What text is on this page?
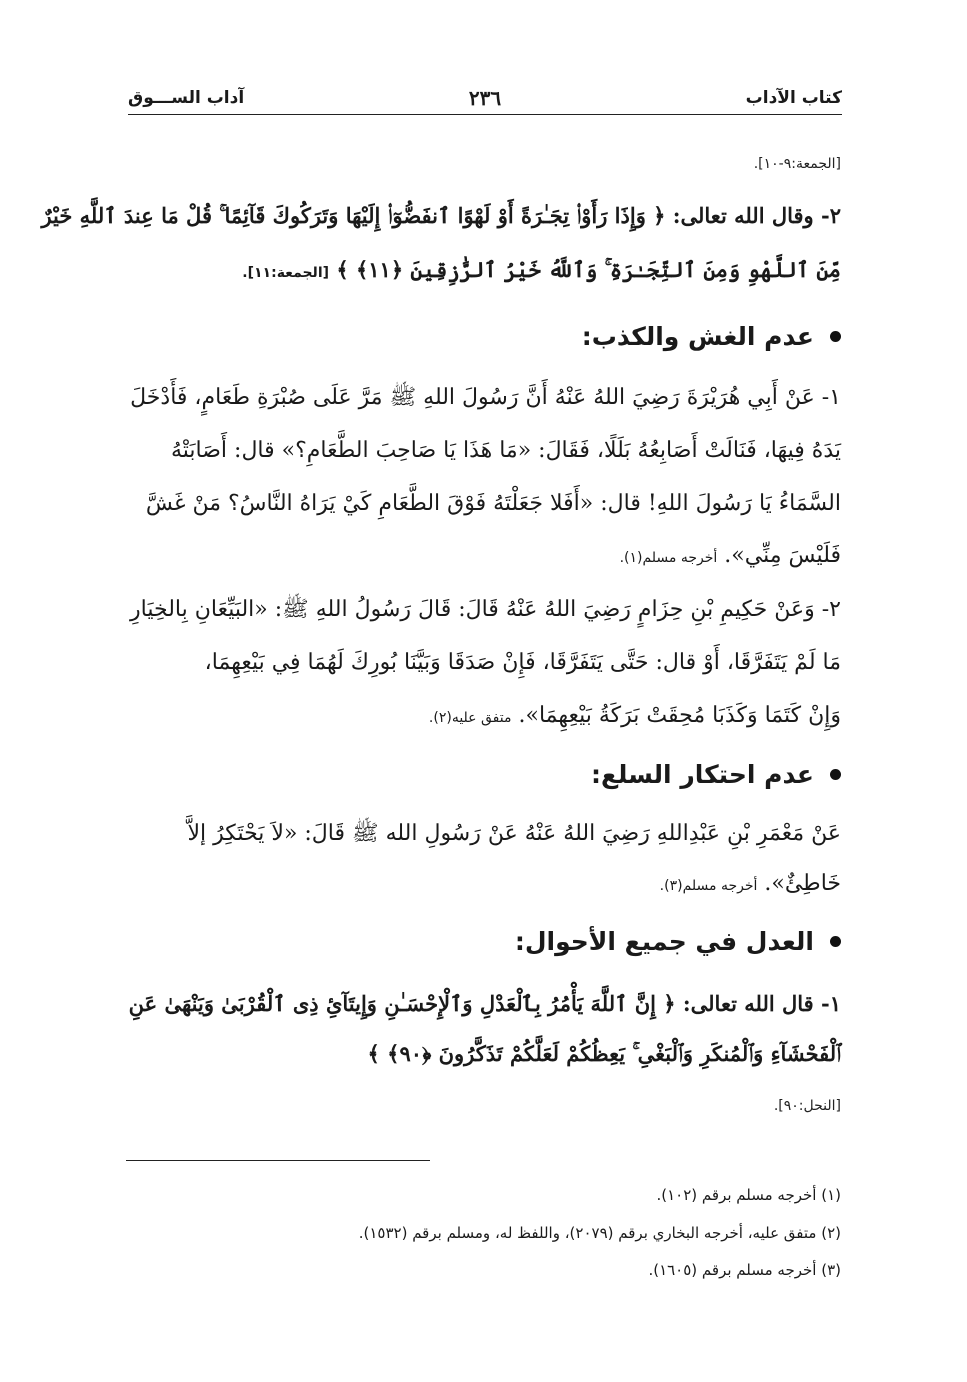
كتاب الآداب
٢٣٦
آداب الســـوق
[الجمعة:٩-١٠].
٢- وقال الله تعالى: ﴿ وَإِذَا رَأَوْا۟ تِجَـٰرَةً أَوْ لَهْوًا ٱنفَضُّوٓا۟ إِلَيْهَا وَتَرَكُوكَ قَآئِمًا ۚ قُلْ مَا عِندَ ٱللَّهِ خَيْرٌ
مِّنَ ٱللَّهْوِ وَمِنَ ٱلتِّجَـٰرَةِ ۚ وَٱللَّهُ خَيْرُ ٱلرَّٰزِقِينَ ﴿١١﴾ ﴾ [الجمعة:١١].
عدم الغش والكذب:
١- عَنْ أَبِي هُرَيْرَةَ رَضِيَ اللهُ عَنْهُ أَنَّ رَسُولَ اللهِ ﷺ مَرَّ عَلَى صُبْرَةِ طَعَامٍ، فَأَدْخَلَ
يَدَهُ فِيهَا، فَنَالَتْ أَصَابِعُهُ بَلَلًا، فَقَالَ: «مَا هَذَا يَا صَاحِبَ الطَّعَامِ؟» قال: أَصَابَتْهُ
السَّمَاءُ يَا رَسُولَ اللهِ! قال: «أَفَلا جَعَلْتَهُ فَوْقَ الطَّعَامِ كَيْ يَرَاهُ النَّاسُ؟ مَنْ غَشَّ
فَلَيْسَ مِنِّي». أخرجه مسلم(١).
٢- وَعَنْ حَكِيمِ بْنِ حِزَامٍ رَضِيَ اللهُ عَنْهُ قَالَ: قَالَ رَسُولُ اللهِ ﷺ: «البَيِّعَانِ بِالخِيَارِ
مَا لَمْ يَتَفَرَّقَا، أَوْ قال: حَتَّى يَتَفَرَّقَا، فَإِنْ صَدَقَا وَبَيَّنَا بُورِكَ لَهُمَا فِي بَيْعِهِمَا،
وَإِنْ كَتَمَا وَكَذَبَا مُحِقَتْ بَرَكَةُ بَيْعِهِمَا». متفق عليه(٢).
عدم احتكار السلع:
عَنْ مَعْمَرِ بْنِ عَبْدِاللهِ رَضِيَ اللهُ عَنْهُ عَنْ رَسُولِ الله ﷺ قَالَ: «لاَ يَحْتَكِرُ إلاَّ
خَاطِئٌ». أخرجه مسلم(٣).
العدل في جميع الأحوال:
١- قال الله تعالى: ﴿ إِنَّ ٱللَّهَ يَأْمُرُ بِٱلْعَدْلِ وَٱلْإِحْسَـٰنِ وَإِيتَآئِ ذِى ٱلْقُرْبَىٰ وَيَنْهَىٰ عَنِ
ٱلْفَحْشَآءِ وَٱلْمُنكَرِ وَٱلْبَغْىِ ۚ يَعِظُكُمْ لَعَلَّكُمْ تَذَكَّرُونَ ﴿٩٠﴾ ﴾
[النحل:٩٠].
(١) أخرجه مسلم برقم (١٠٢).
(٢) متفق عليه، أخرجه البخاري برقم (٢٠٧٩)، واللفظ له، ومسلم برقم (١٥٣٢).
(٣) أخرجه مسلم برقم (١٦٠٥).
